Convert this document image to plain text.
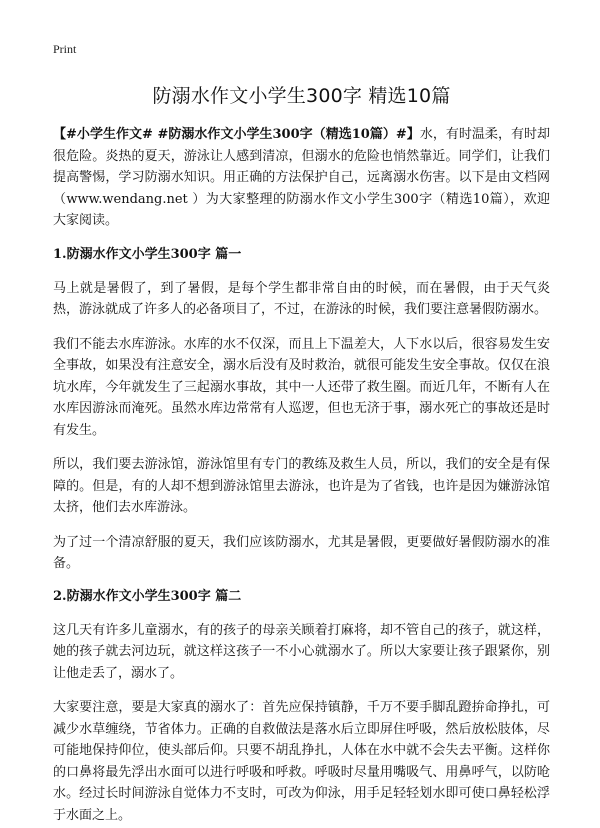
Print
防溺水作文小学生300字 精选10篇

【#小学生作文# #防溺水作文小学生300字（精选10篇）#】水，有时温柔，有时却很危险。炎热的夏天，游泳让人感到清凉，但溺水的危险也悄然靠近。同学们，让我们提高警惕，学习防溺水知识。用正确的方法保护自己，远离溺水伤害。以下是由文档网（www.wendang.net ）为大家整理的防溺水作文小学生300字（精选10篇），欢迎大家阅读。

1.防溺水作文小学生300字 篇一

马上就是暑假了，到了暑假，是每个学生都非常自由的时候，而在暑假，由于天气炎热，游泳就成了许多人的必备项目了，不过，在游泳的时候，我们要注意暑假防溺水。

我们不能去水库游泳。水库的水不仅深，而且上下温差大，人下水以后，很容易发生安全事故，如果没有注意安全，溺水后没有及时救治，就很可能发生安全事故。仅仅在浪坑水库，今年就发生了三起溺水事故，其中一人还带了救生圈。而近几年，不断有人在水库因游泳而淹死。虽然水库边常常有人巡逻，但也无济于事，溺水死亡的事故还是时有发生。

所以，我们要去游泳馆，游泳馆里有专门的教练及救生人员，所以，我们的安全是有保障的。但是，有的人却不想到游泳馆里去游泳，也许是为了省钱，也许是因为嫌游泳馆太挤，他们去水库游泳。

为了过一个清凉舒服的夏天，我们应该防溺水，尤其是暑假，更要做好暑假防溺水的准备。

2.防溺水作文小学生300字 篇二

这几天有许多儿童溺水，有的孩子的母亲关顾着打麻将，却不管自己的孩子，就这样，她的孩子就去河边玩，就这样这孩子一不小心就溺水了。所以大家要让孩子跟紧你，别让他走丢了，溺水了。

大家要注意，要是大家真的溺水了：首先应保持镇静，千万不要手脚乱蹬拚命挣扎，可减少水草缠绕，节省体力。正确的自救做法是落水后立即屏住呼吸，然后放松肢体，尽可能地保持仰位，使头部后仰。只要不胡乱挣扎，人体在水中就不会失去平衡。这样你的口鼻将最先浮出水面可以进行呼吸和呼救。呼吸时尽量用嘴吸气、用鼻呼气，以防呛水。经过长时间游泳自觉体力不支时，可改为仰泳，用手足轻轻划水即可使口鼻轻松浮于水面之上。
